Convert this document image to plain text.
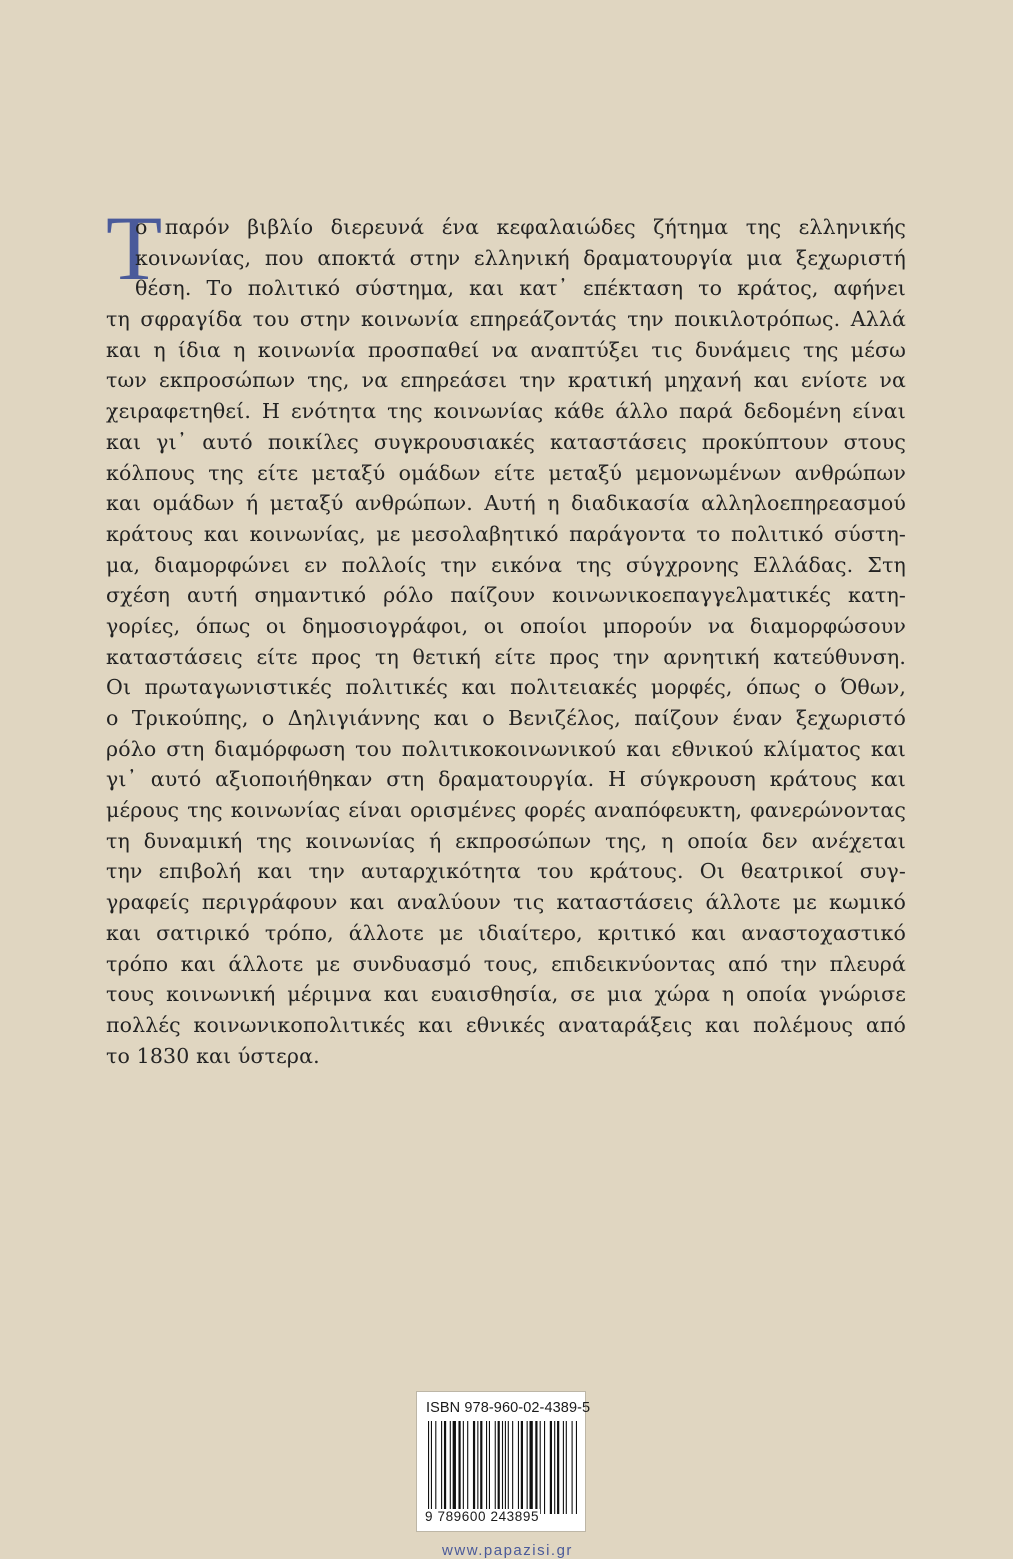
Τ
ο παρόν βιβλίο διερευνά ένα κεφαλαιώδες ζήτημα της ελληνικής
κοινωνίας, που αποκτά στην ελληνική δραματουργία μια ξεχωριστή
θέση. Το πολιτικό σύστημα, και κατ᾽ επέκταση το κράτος, αφήνει
τη σφραγίδα του στην κοινωνία επηρεάζοντάς την ποικιλοτρόπως. Αλλά
και η ίδια η κοινωνία προσπαθεί να αναπτύξει τις δυνάμεις της μέσω
των εκπροσώπων της, να επηρεάσει την κρατική μηχανή και ενίοτε να
χειραφετηθεί. Η ενότητα της κοινωνίας κάθε άλλο παρά δεδομένη είναι
και γι᾽ αυτό ποικίλες συγκρουσιακές καταστάσεις προκύπτουν στους
κόλπους της είτε μεταξύ ομάδων είτε μεταξύ μεμονωμένων ανθρώπων
και ομάδων ή μεταξύ ανθρώπων. Αυτή η διαδικασία αλληλοεπηρεασμού
κράτους και κοινωνίας, με μεσολαβητικό παράγοντα το πολιτικό σύστη-
μα, διαμορφώνει εν πολλοίς την εικόνα της σύγχρονης Ελλάδας. Στη
σχέση αυτή σημαντικό ρόλο παίζουν κοινωνικοεπαγγελματικές κατη-
γορίες, όπως οι δημοσιογράφοι, οι οποίοι μπορούν να διαμορφώσουν
καταστάσεις είτε προς τη θετική είτε προς την αρνητική κατεύθυνση.
Οι πρωταγωνιστικές πολιτικές και πολιτειακές μορφές, όπως ο Όθων,
ο Τρικούπης, ο Δηλιγιάννης και ο Βενιζέλος, παίζουν έναν ξεχωριστό
ρόλο στη διαμόρφωση του πολιτικοκοινωνικού και εθνικού κλίματος και
γι᾽ αυτό αξιοποιήθηκαν στη δραματουργία. Η σύγκρουση κράτους και
μέρους της κοινωνίας είναι ορισμένες φορές αναπόφευκτη, φανερώνοντας
τη δυναμική της κοινωνίας ή εκπροσώπων της, η οποία δεν ανέχεται
την επιβολή και την αυταρχικότητα του κράτους. Οι θεατρικοί συγ-
γραφείς περιγράφουν και αναλύουν τις καταστάσεις άλλοτε με κωμικό
και σατιρικό τρόπο, άλλοτε με ιδιαίτερο, κριτικό και αναστοχαστικό
τρόπο και άλλοτε με συνδυασμό τους, επιδεικνύοντας από την πλευρά
τους κοινωνική μέριμνα και ευαισθησία, σε μια χώρα η οποία γνώρισε
πολλές κοινωνικοπολιτικές και εθνικές αναταράξεις και πολέμους από
το 1830 και ύστερα.
ISBN 978-960-02-4389-5
9 789600 243895
www.papazisi.gr
